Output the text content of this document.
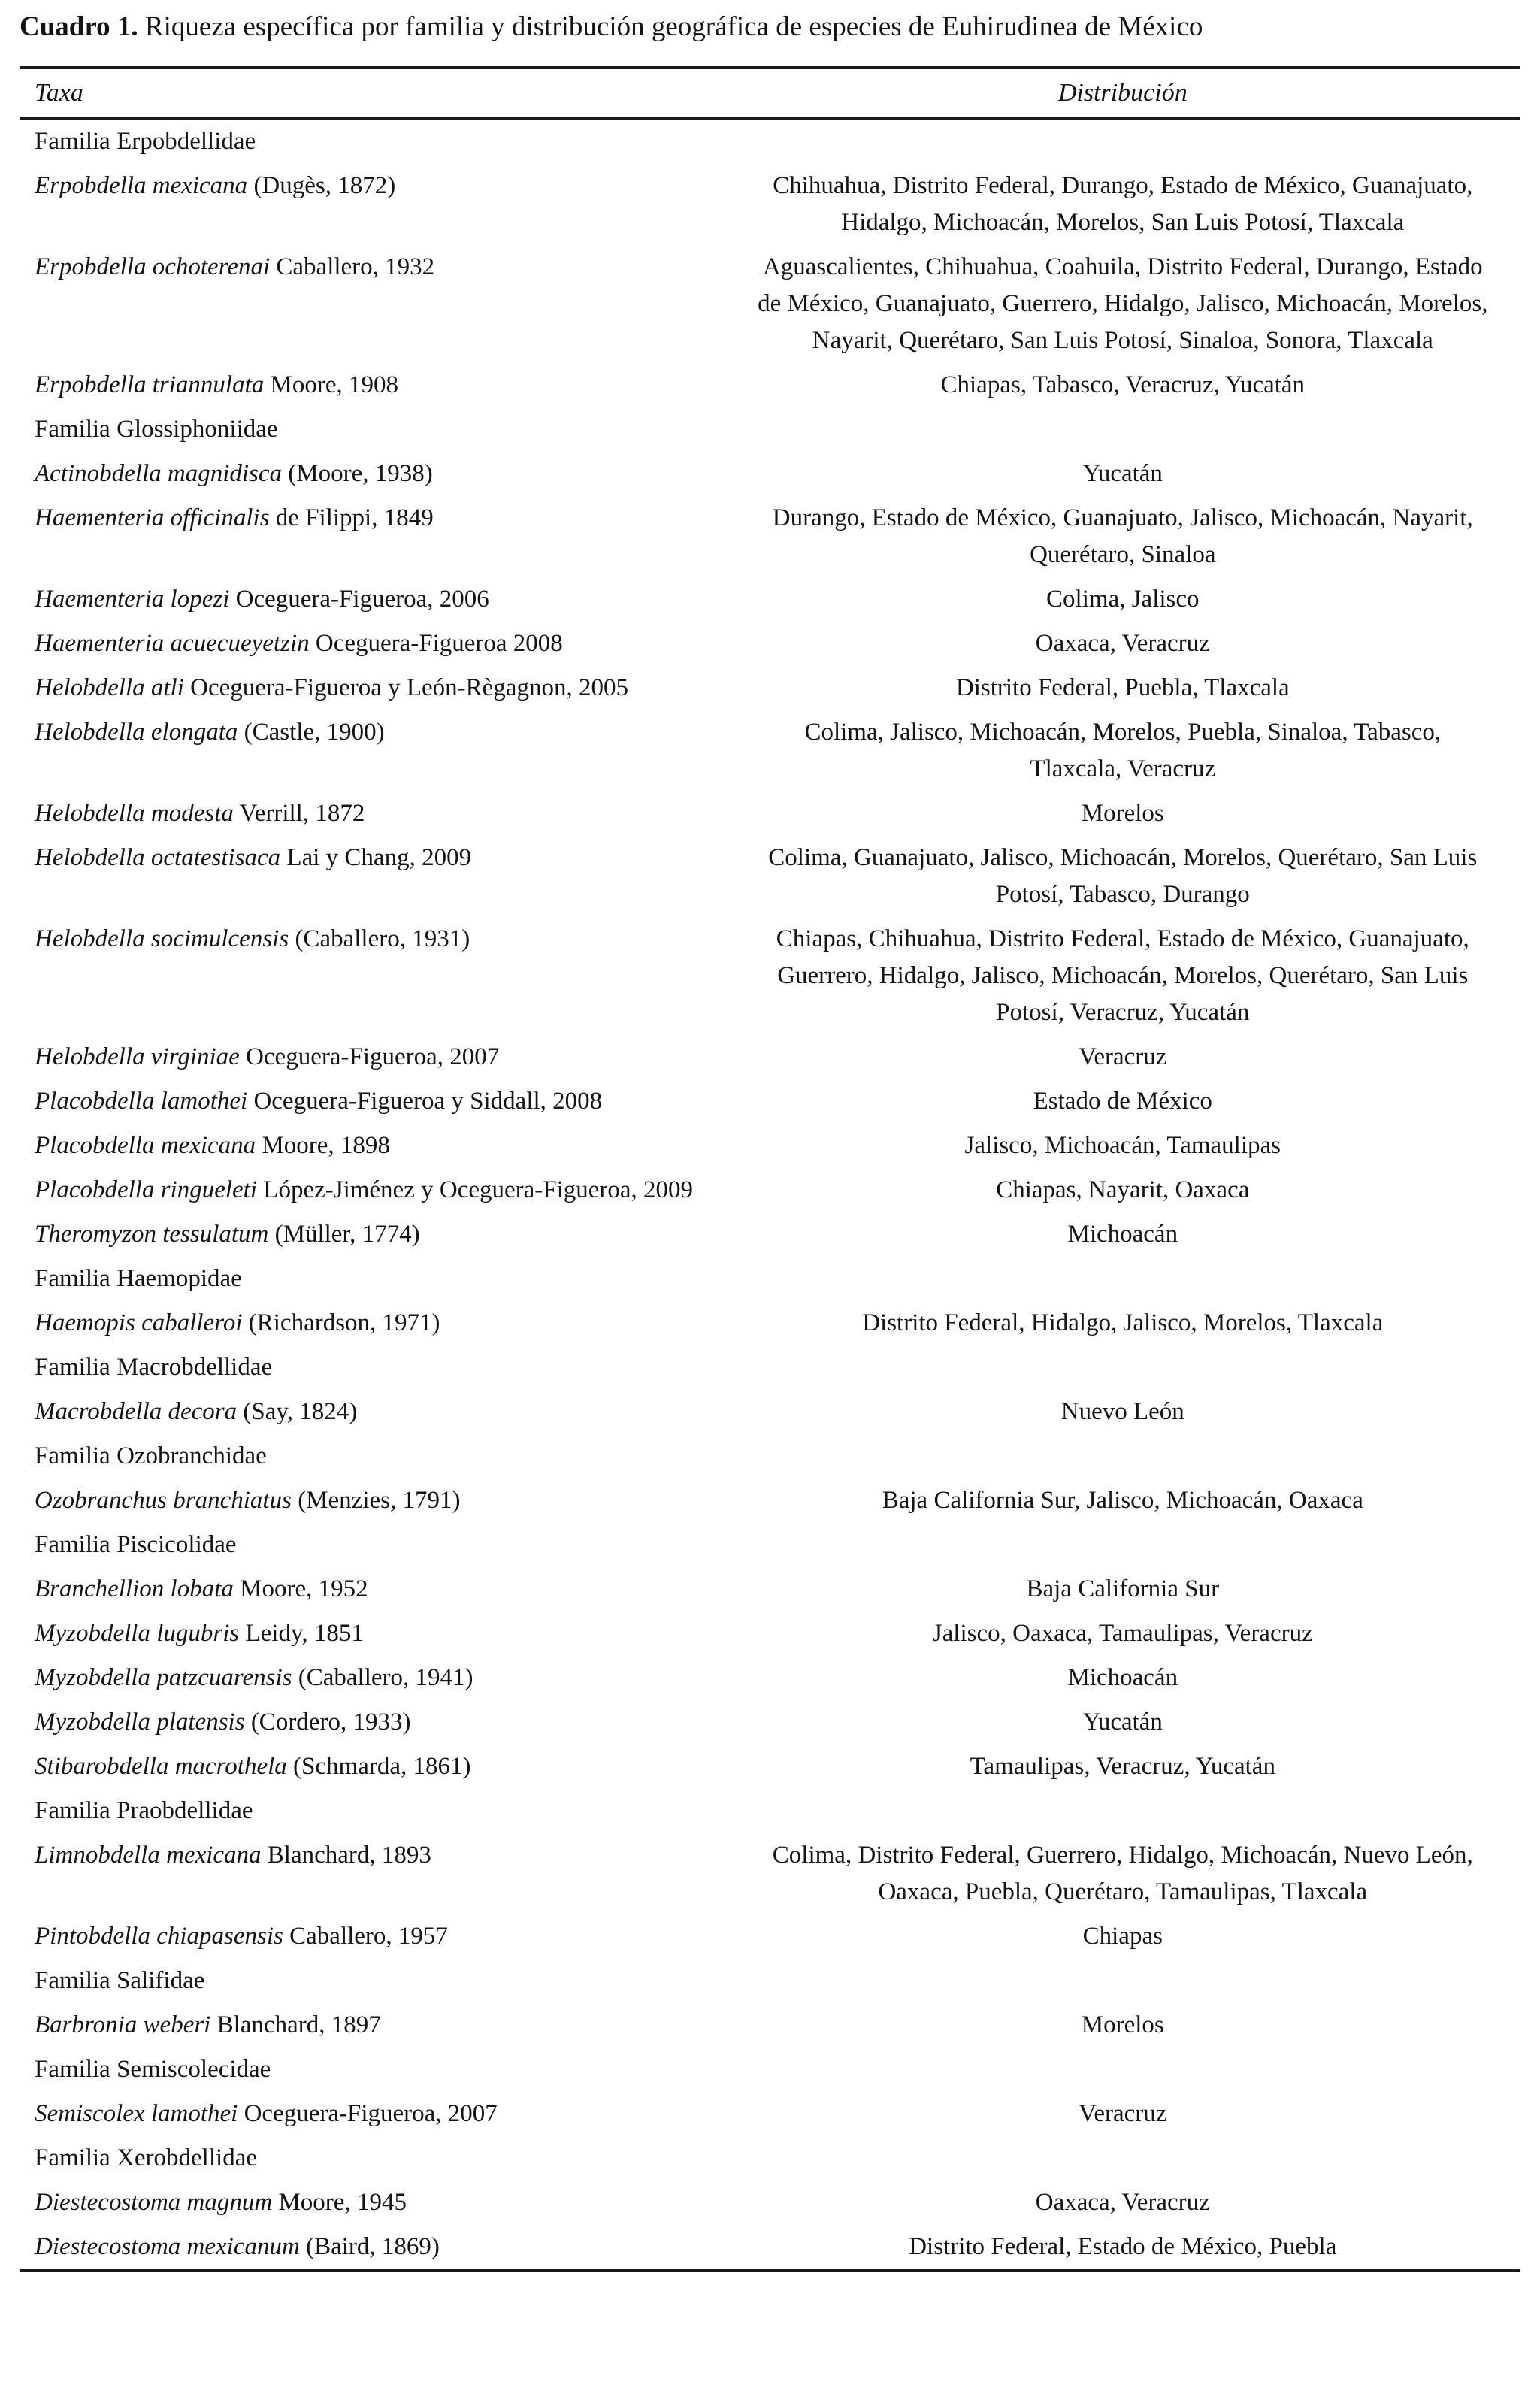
Cuadro 1. Riqueza específica por familia y distribución geográfica de especies de Euhirudinea de México
Taxa	Distribución
Familia Erpobdellidae	
Erpobdella mexicana (Dugès, 1872)	Chihuahua, Distrito Federal, Durango, Estado de México, Guanajuato, Hidalgo, Michoacán, Morelos, San Luis Potosí, Tlaxcala
Erpobdella ochoterenai Caballero, 1932	Aguascalientes, Chihuahua, Coahuila, Distrito Federal, Durango, Estado de México, Guanajuato, Guerrero, Hidalgo, Jalisco, Michoacán, Morelos, Nayarit, Querétaro, San Luis Potosí, Sinaloa, Sonora, Tlaxcala
Erpobdella triannulata Moore, 1908	Chiapas, Tabasco, Veracruz, Yucatán
Familia Glossiphoniidae	
Actinobdella magnidisca (Moore, 1938)	Yucatán
Haementeria officinalis de Filippi, 1849	Durango, Estado de México, Guanajuato, Jalisco, Michoacán, Nayarit, Querétaro, Sinaloa
Haementeria lopezi Oceguera-Figueroa, 2006	Colima, Jalisco
Haementeria acuecueyetzin Oceguera-Figueroa 2008	Oaxaca, Veracruz
Helobdella atli Oceguera-Figueroa y León-Règagnon, 2005	Distrito Federal, Puebla, Tlaxcala
Helobdella elongata (Castle, 1900)	Colima, Jalisco, Michoacán, Morelos, Puebla, Sinaloa, Tabasco, Tlaxcala, Veracruz
Helobdella modesta Verrill, 1872	Morelos
Helobdella octatestisaca Lai y Chang, 2009	Colima, Guanajuato, Jalisco, Michoacán, Morelos, Querétaro, San Luis Potosí, Tabasco, Durango
Helobdella socimulcensis (Caballero, 1931)	Chiapas, Chihuahua, Distrito Federal, Estado de México, Guanajuato, Guerrero, Hidalgo, Jalisco, Michoacán, Morelos, Querétaro, San Luis Potosí, Veracruz, Yucatán
Helobdella virginiae Oceguera-Figueroa, 2007	Veracruz
Placobdella lamothei Oceguera-Figueroa y Siddall, 2008	Estado de México
Placobdella mexicana Moore, 1898	Jalisco, Michoacán, Tamaulipas
Placobdella ringueleti López-Jiménez y Oceguera-Figueroa, 2009	Chiapas, Nayarit, Oaxaca
Theromyzon tessulatum (Müller, 1774)	Michoacán
Familia Haemopidae	
Haemopis caballeroi (Richardson, 1971)	Distrito Federal, Hidalgo, Jalisco, Morelos, Tlaxcala
Familia Macrobdellidae	
Macrobdella decora (Say, 1824)	Nuevo León
Familia Ozobranchidae	
Ozobranchus branchiatus (Menzies, 1791)	Baja California Sur, Jalisco, Michoacán, Oaxaca
Familia Piscicolidae	
Branchellion lobata Moore, 1952	Baja California Sur
Myzobdella lugubris Leidy, 1851	Jalisco, Oaxaca, Tamaulipas, Veracruz
Myzobdella patzcuarensis (Caballero, 1941)	Michoacán
Myzobdella platensis (Cordero, 1933)	Yucatán
Stibarobdella macrothela (Schmarda, 1861)	Tamaulipas, Veracruz, Yucatán
Familia Praobdellidae	
Limnobdella mexicana Blanchard, 1893	Colima, Distrito Federal, Guerrero, Hidalgo, Michoacán, Nuevo León, Oaxaca, Puebla, Querétaro, Tamaulipas, Tlaxcala
Pintobdella chiapasensis Caballero, 1957	Chiapas
Familia Salifidae	
Barbronia weberi Blanchard, 1897	Morelos
Familia Semiscolecidae	
Semiscolex lamothei Oceguera-Figueroa, 2007	Veracruz
Familia Xerobdellidae	
Diestecostoma magnum Moore, 1945	Oaxaca, Veracruz
Diestecostoma mexicanum (Baird, 1869)	Distrito Federal, Estado de México, Puebla
